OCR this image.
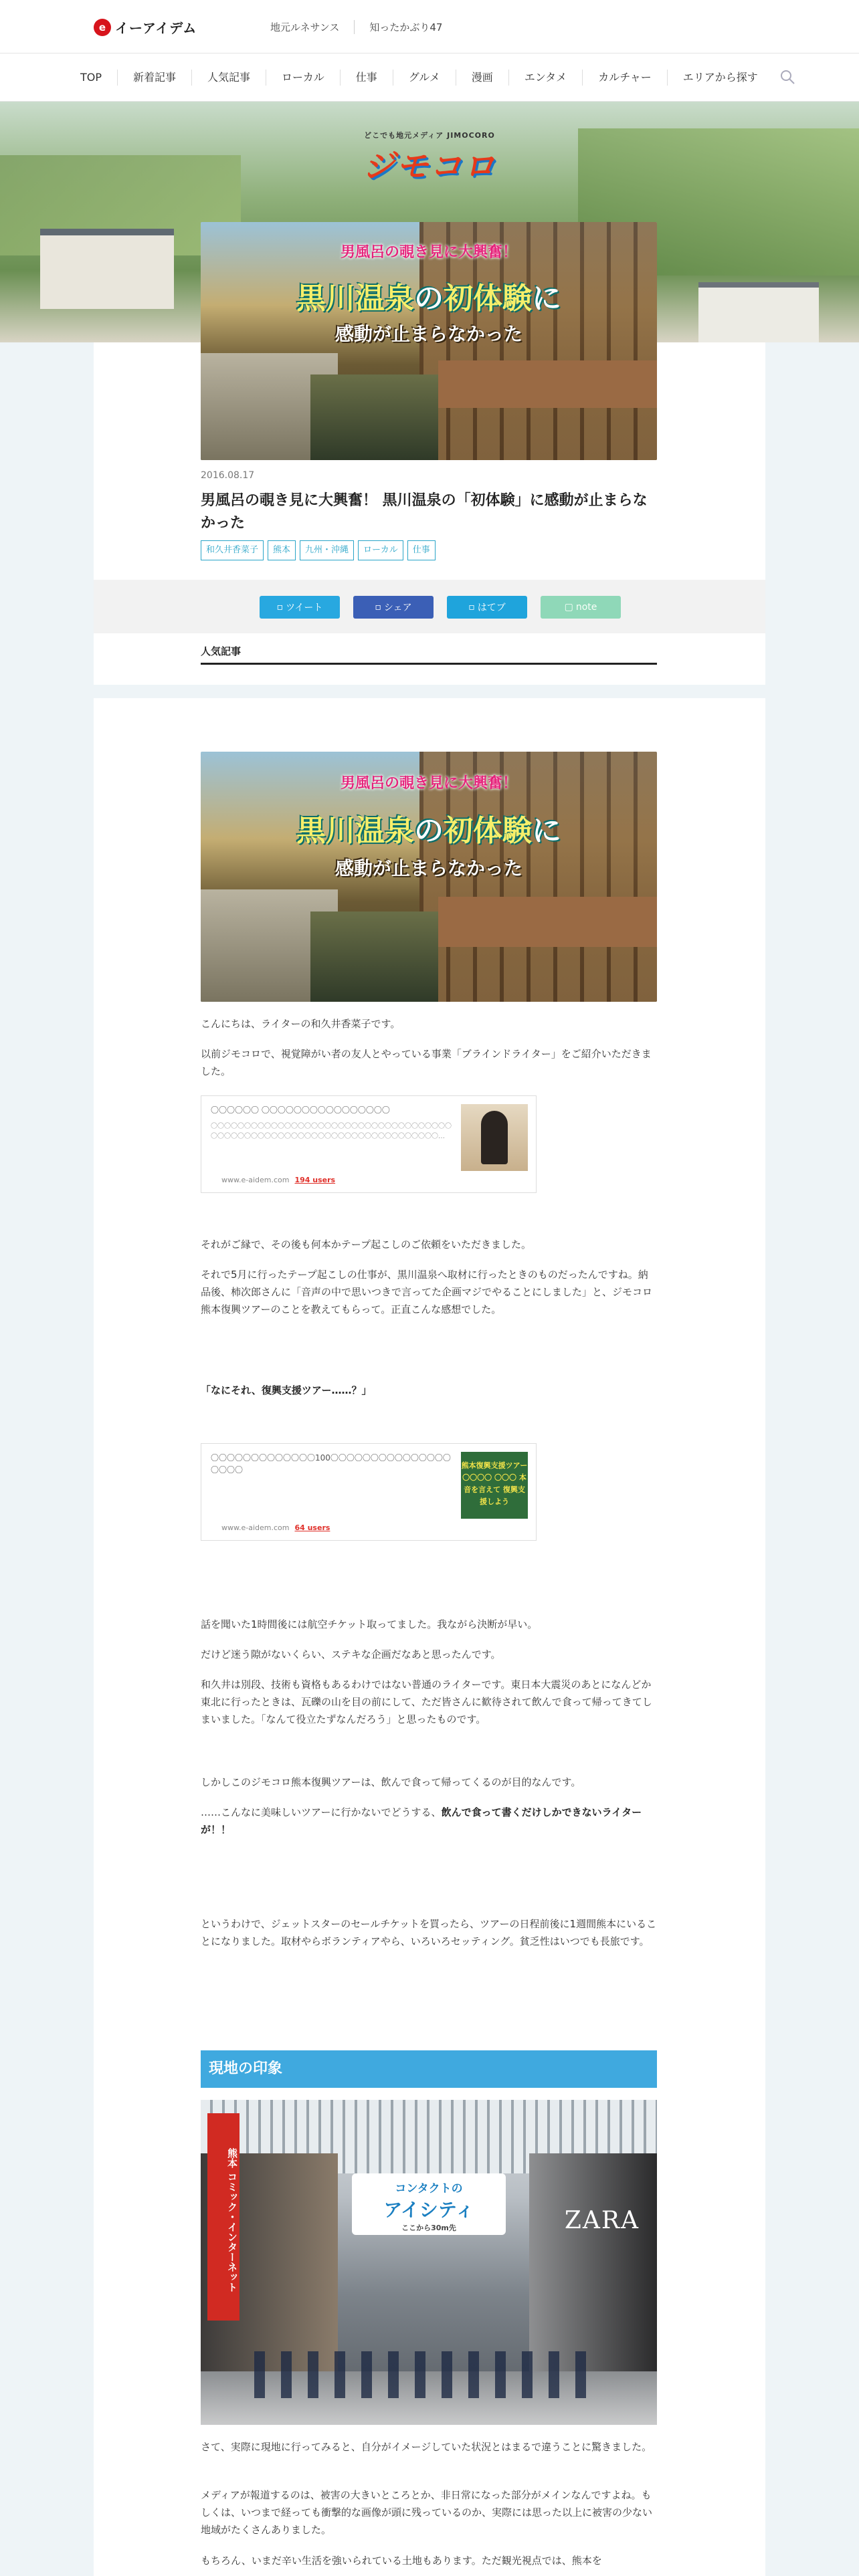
e イーアイデム	地元ルネサンス	知ったかぶり47
TOP	新着記事	人気記事	ローカル	仕事	グルメ	漫画	エンタメ	カルチャー	エリアから探す
どこでも地元メディア JIMOCORO
ジモコロ
男風呂の覗き見に大興奮！
黒川温泉の初体験に
感動が止まらなかった
2016.08.17
男風呂の覗き見に大興奮！ 黒川温泉の「初体験」に感動が止まらなかった
和久井香菜子	熊本	九州・沖縄	ローカル	仕事
▫ ツイート	▫ シェア	▫ はてブ	▢ note
人気記事
男風呂の覗き見に大興奮！
黒川温泉の初体験に
感動が止まらなかった

こんにちは、ライターの和久井香菜子です。

以前ジモコロで、視覚障がい者の友人とやっている事業「ブラインドライター」をご紹介いただきました。

〇〇〇〇〇〇 〇〇〇〇〇〇〇〇〇〇〇〇〇〇〇〇
〇〇〇〇〇〇〇〇〇〇〇〇〇〇〇〇〇〇〇〇〇〇〇〇〇〇〇〇〇〇〇〇〇〇〇〇〇〇〇〇〇〇〇〇〇〇〇〇〇〇〇〇〇〇〇〇〇〇〇〇〇〇〇〇〇〇〇〇〇〇…
www.e-aidem.com 194 users

それがご縁で、その後も何本かテープ起こしのご依頼をいただきました。

それで5月に行ったテープ起こしの仕事が、黒川温泉へ取材に行ったときのものだったんですね。納品後、柿次郎さんに「音声の中で思いつきで言ってた企画マジでやることにしました」と、ジモコロ熊本復興ツアーのことを教えてもらって。正直こんな感想でした。

「なにそれ、復興支援ツアー……？」

〇〇〇〇〇〇〇〇〇〇〇〇〇100〇〇〇〇〇〇〇〇〇〇〇〇〇〇〇〇〇〇〇	熊本復興支援ツアー 〇〇〇〇 〇〇〇 本音を言えて 復興支援しよう
www.e-aidem.com 64 users

話を聞いた1時間後には航空チケット取ってました。我ながら決断が早い。

だけど迷う隙がないくらい、ステキな企画だなあと思ったんです。

和久井は別段、技術も資格もあるわけではない普通のライターです。東日本大震災のあとになんどか東北に行ったときは、瓦礫の山を目の前にして、ただ皆さんに歓待されて飲んで食って帰ってきてしまいました。「なんて役立たずなんだろう」と思ったものです。

しかしこのジモコロ熊本復興ツアーは、飲んで食って帰ってくるのが目的なんです。

……こんなに美味しいツアーに行かないでどうする、飲んで食って書くだけしかできないライターが！！

というわけで、ジェットスターのセールチケットを買ったら、ツアーの日程前後に1週間熊本にいることになりました。取材やらボランティアやら、いろいろセッティング。貧乏性はいつでも長旅です。

現地の印象
熊本 コミック・インターネット	コンタクトの
アイシティ
ここから30m先	ZARA

さて、実際に現地に行ってみると、自分がイメージしていた状況とはまるで違うことに驚きました。

メディアが報道するのは、被害の大きいところとか、非日常になった部分がメインなんですよね。もしくは、いつまで経っても衝撃的な画像が頭に残っているのか、実際には思った以上に被害の少ない地域がたくさんありました。

もちろん、いまだ辛い生活を強いられている土地もあります。ただ観光視点では、熊本を
